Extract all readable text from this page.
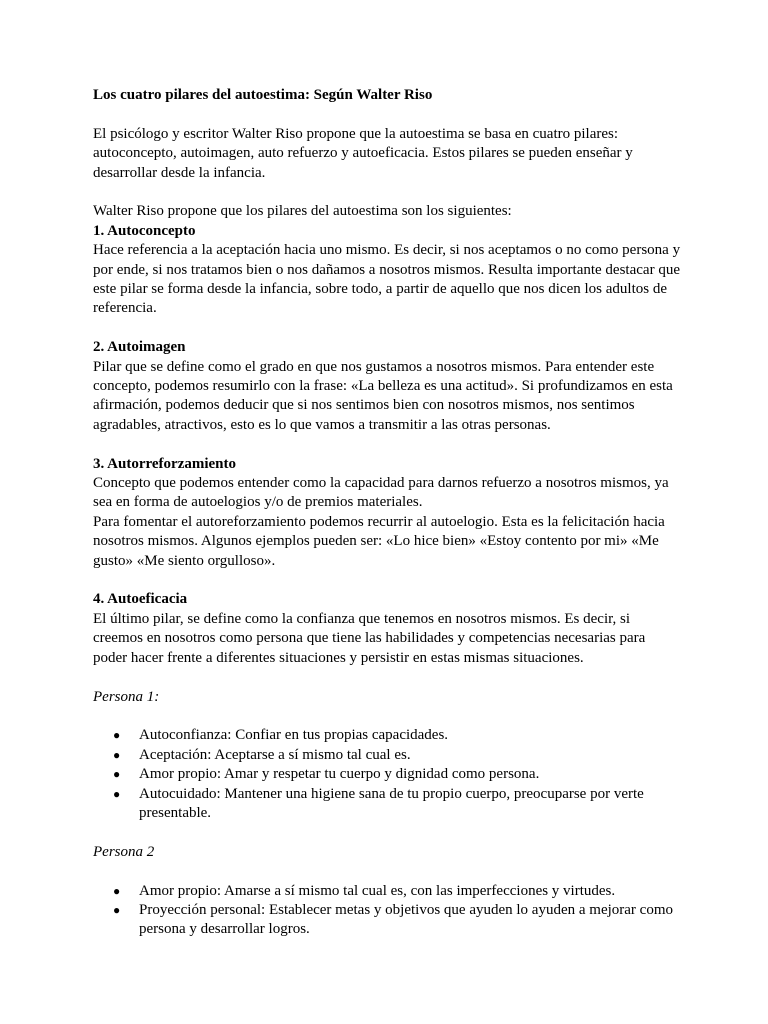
Los cuatro pilares del autoestima: Según Walter Riso

El psicólogo y escritor Walter Riso propone que la autoestima se basa en cuatro pilares: autoconcepto, autoimagen, auto refuerzo y autoeficacia. Estos pilares se pueden enseñar y desarrollar desde la infancia.

Walter Riso propone que los pilares del autoestima son los siguientes:

1. Autoconcepto

Hace referencia a la aceptación hacia uno mismo. Es decir, si nos aceptamos o no como persona y por ende, si nos tratamos bien o nos dañamos a nosotros mismos. Resulta importante destacar que este pilar se forma desde la infancia, sobre todo, a partir de aquello que nos dicen los adultos de referencia.

2. Autoimagen

Pilar que se define como el grado en que nos gustamos a nosotros mismos. Para entender este concepto, podemos resumirlo con la frase: «La belleza es una actitud». Si profundizamos en esta afirmación, podemos deducir que si nos sentimos bien con nosotros mismos, nos sentimos agradables, atractivos, esto es lo que vamos a transmitir a las otras personas.

3. Autorreforzamiento

Concepto que podemos entender como la capacidad para darnos refuerzo a nosotros mismos, ya sea en forma de autoelogios y/o de premios materiales.

Para fomentar el autoreforzamiento podemos recurrir al autoelogio. Esta es la felicitación hacia nosotros mismos. Algunos ejemplos pueden ser: «Lo hice bien» «Estoy contento por mi» «Me gusto» «Me siento orgulloso».

4. Autoeficacia

El último pilar, se define como la confianza que tenemos en nosotros mismos. Es decir, si creemos en nosotros como persona que tiene las habilidades y competencias necesarias para poder hacer frente a diferentes situaciones y persistir en estas mismas situaciones.

Persona 1:

● Autoconfianza: Confiar en tus propias capacidades.
● Aceptación: Aceptarse a sí mismo tal cual es.
● Amor propio: Amar y respetar tu cuerpo y dignidad como persona.
● Autocuidado: Mantener una higiene sana de tu propio cuerpo, preocuparse por verte presentable.

Persona 2

● Amor propio: Amarse a sí mismo tal cual es, con las imperfecciones y virtudes.
● Proyección personal: Establecer metas y objetivos que ayuden lo ayuden a mejorar como persona y desarrollar logros.
